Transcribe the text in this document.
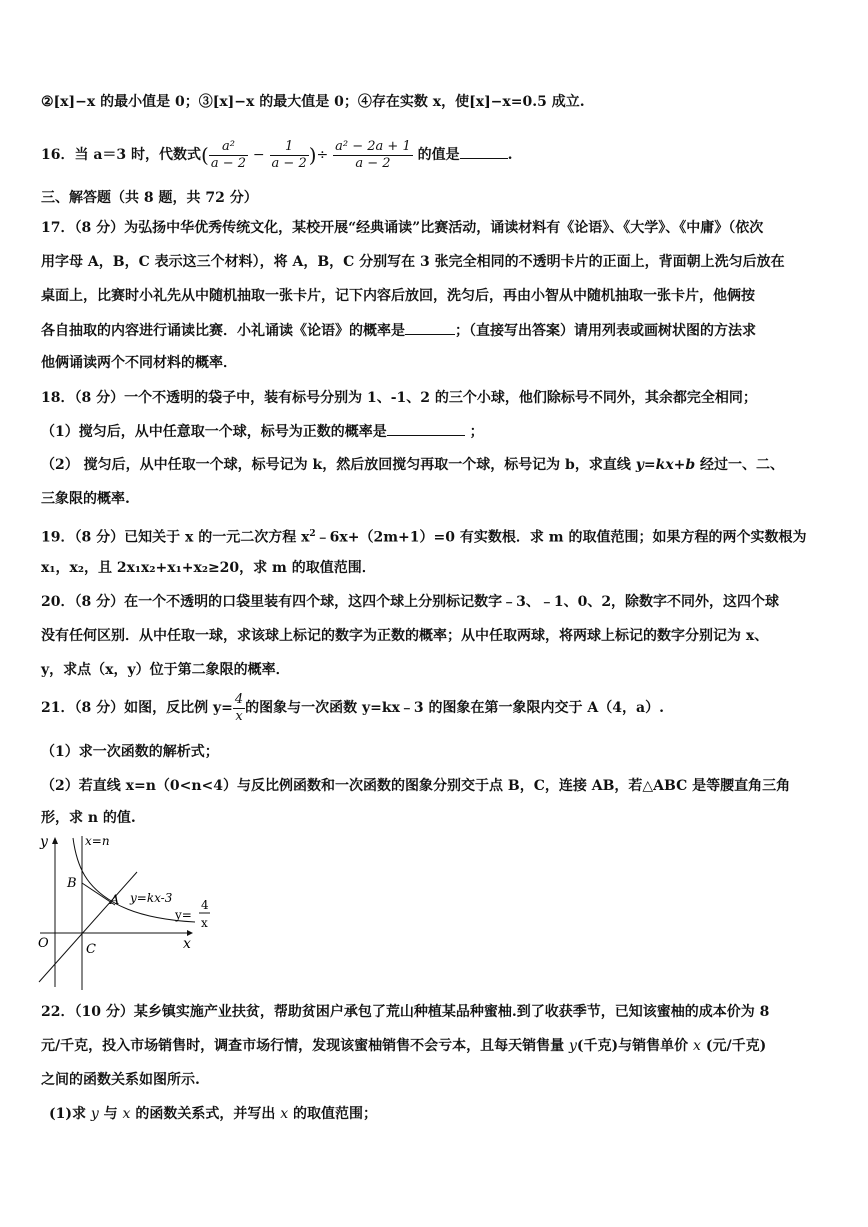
②[x]−x 的最小值是 0；③[x]−x 的最大值是 0；④存在实数 x，使[x]−x=0.5 成立.
16．当 a＝3 时，代数式( $\frac{\text{a²}}{a - 2} - \frac{1}{a - 2}$ )÷ $\frac{\text{a² − 2a + 1}}{a - 2}$ 的值是	.
三、解答题（共 8 题，共 72 分）
17．（8 分）为弘扬中华优秀传统文化，某校开展“经典诵读”比赛活动，诵读材料有《论语》、《大学》、《中庸》（依次
用字母 A，B，C 表示这三个材料），将 A，B，C 分别写在 3 张完全相同的不透明卡片的正面上，背面朝上洗匀后放在
桌面上，比赛时小礼先从中随机抽取一张卡片，记下内容后放回，洗匀后，再由小智从中随机抽取一张卡片，他俩按
各自抽取的内容进行诵读比赛．小礼诵读《论语》的概率是	；（直接写出答案）请用列表或画树状图的方法求
他俩诵读两个不同材料的概率．
18．（8 分）一个不透明的袋子中，装有标号分别为 1、-1、2 的三个小球，他们除标号不同外，其余都完全相同；
（1）搅匀后，从中任意取一个球，标号为正数的概率是	；
（2） 搅匀后，从中任取一个球，标号记为 k，然后放回搅匀再取一个球，标号记为 b，求直线 y=kx+b 经过一、二、
三象限的概率.
19．（8 分）已知关于 x 的一元二次方程 $x^2﹣6x+(2m+1)=0$ 有实数根．求 m 的取值范围；如果方程的两个实数根为
x₁，x₂，且 2x₁x₂+x₁+x₂≥20，求 m 的取值范围．
20．（8 分）在一个不透明的口袋里装有四个球，这四个球上分别标记数字﹣3、﹣1、0、2，除数字不同外，这四个球
没有任何区别．从中任取一球，求该球上标记的数字为正数的概率；从中任取两球，将两球上标记的数字分别记为 x、
y，求点（x，y）位于第二象限的概率．
21．（8 分）如图，反比例 $y= \frac{4}{x}$ 的图象与一次函数 y=kx﹣3 的图象在第一象限内交于 A（4，a）.
（1）求一次函数的解析式；
（2）若直线 x=n（0<n<4）与反比例函数和一次函数的图象分别交于点 B，C，连接 AB，若△ABC 是等腰直角三角
形，求 n 的值.
y
x
O
x=n
B
A
C
y=kx-3
y=
4
x
22．（10 分）某乡镇实施产业扶贫，帮助贫困户承包了荒山种植某品种蜜柚.到了收获季节，已知该蜜柚的成本价为 8
元/千克，投入市场销售时，调查市场行情，发现该蜜柚销售不会亏本，且每天销售量 y(千克)与销售单价 x (元/千克)
之间的函数关系如图所示.
(1)求 y 与 x 的函数关系式，并写出 x 的取值范围；
